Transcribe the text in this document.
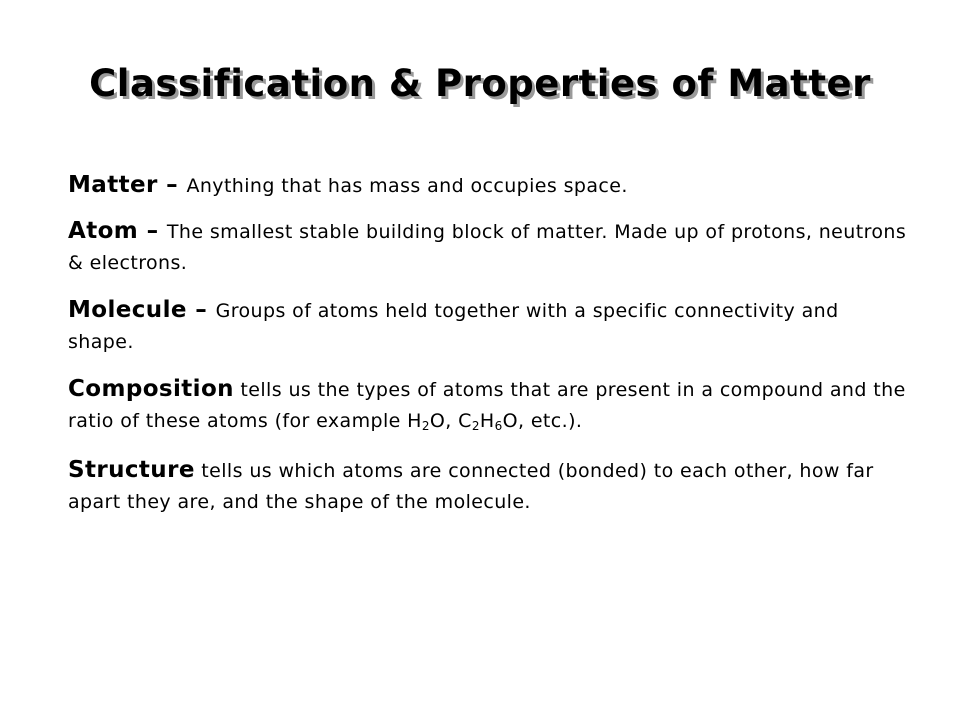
Classification & Properties of Matter
Matter – Anything that has mass and occupies space.
Atom – The smallest stable building block of matter. Made up of protons, neutrons & electrons.
Molecule – Groups of atoms held together with a specific connectivity and shape.
Composition tells us the types of atoms that are present in a compound and the ratio of these atoms (for example $H_2O$, $C_2H_6O$, etc.).
Structure tells us which atoms are connected (bonded) to each other, how far apart they are, and the shape of the molecule.
